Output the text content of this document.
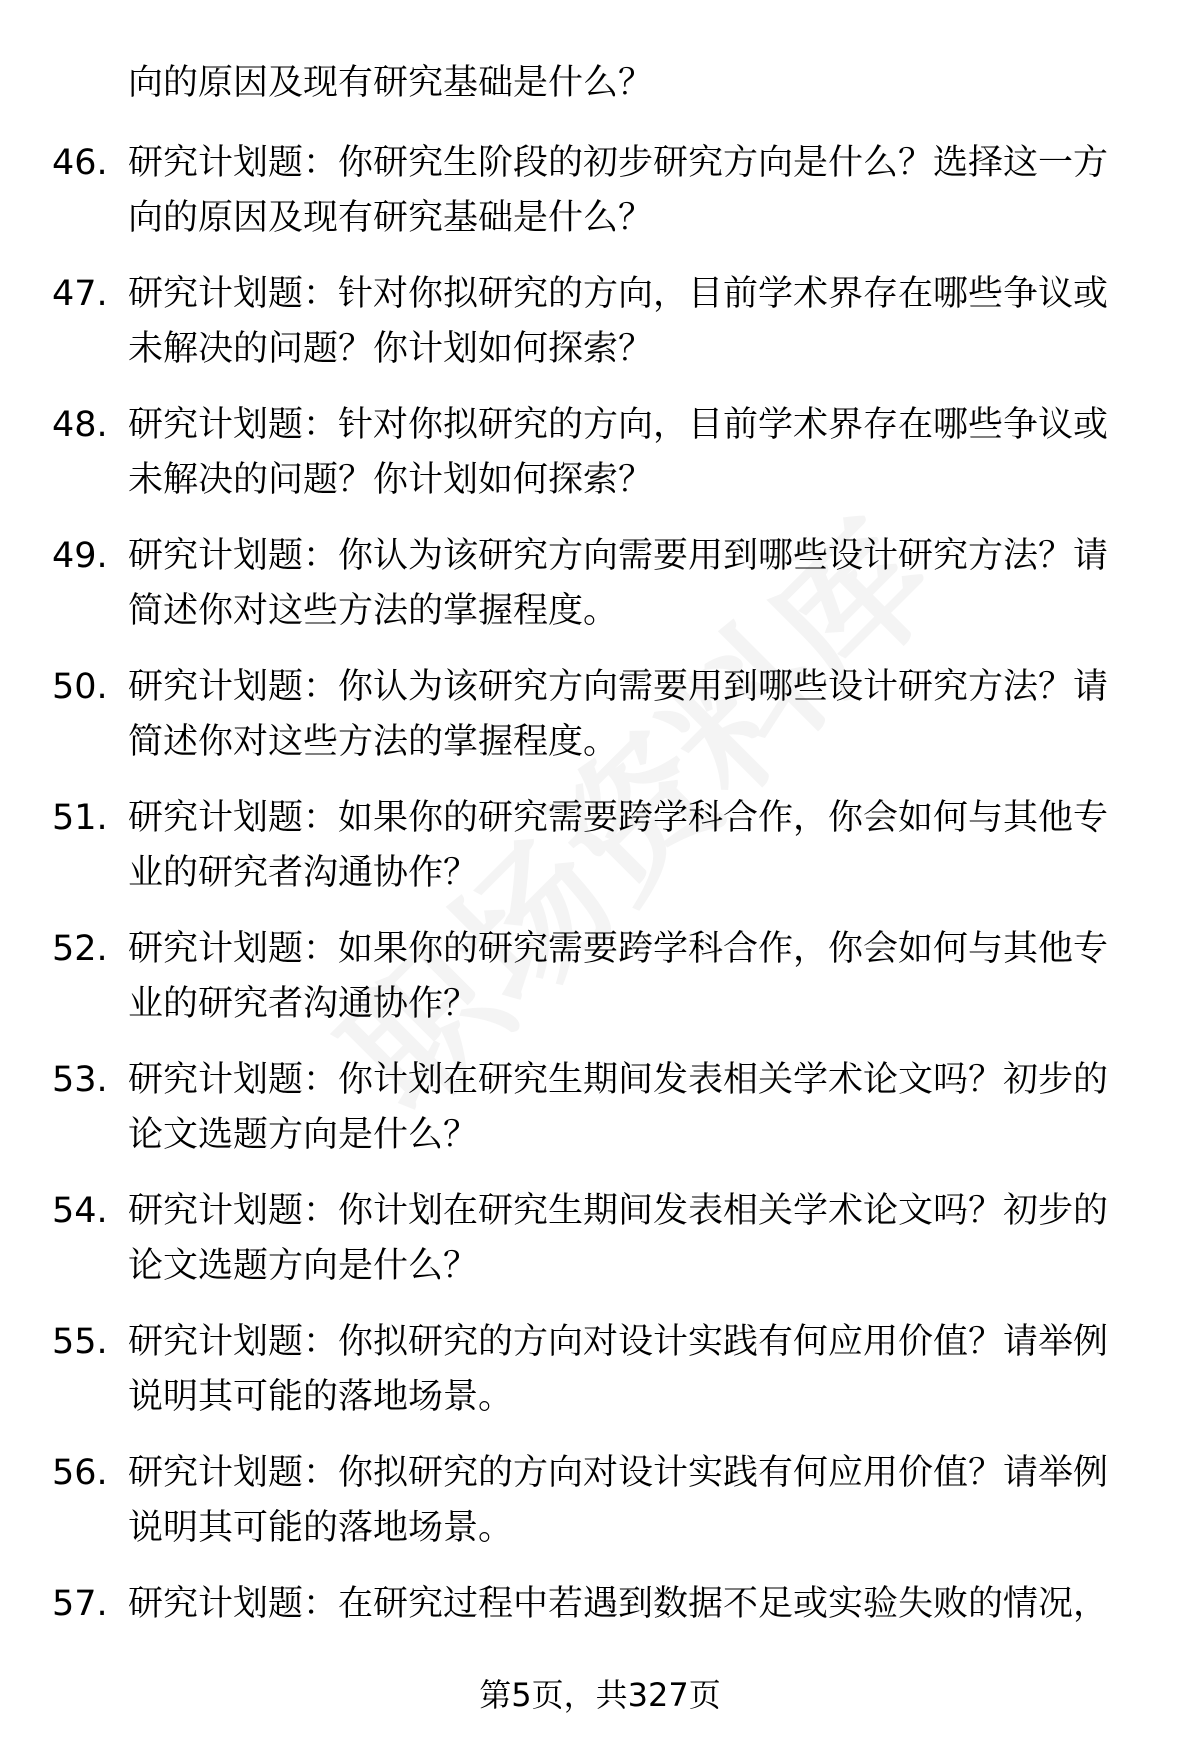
向的原因及现有研究基础是什么？
46. 研究计划题：你研究生阶段的初步研究方向是什么？选择这一方向的原因及现有研究基础是什么？
47. 研究计划题：针对你拟研究的方向，目前学术界存在哪些争议或未解决的问题？你计划如何探索？
48. 研究计划题：针对你拟研究的方向，目前学术界存在哪些争议或未解决的问题？你计划如何探索？
49. 研究计划题：你认为该研究方向需要用到哪些设计研究方法？请简述你对这些方法的掌握程度。
50. 研究计划题：你认为该研究方向需要用到哪些设计研究方法？请简述你对这些方法的掌握程度。
51. 研究计划题：如果你的研究需要跨学科合作，你会如何与其他专业的研究者沟通协作？
52. 研究计划题：如果你的研究需要跨学科合作，你会如何与其他专业的研究者沟通协作？
53. 研究计划题：你计划在研究生期间发表相关学术论文吗？初步的论文选题方向是什么？
54. 研究计划题：你计划在研究生期间发表相关学术论文吗？初步的论文选题方向是什么？
55. 研究计划题：你拟研究的方向对设计实践有何应用价值？请举例说明其可能的落地场景。
56. 研究计划题：你拟研究的方向对设计实践有何应用价值？请举例说明其可能的落地场景。
57. 研究计划题：在研究过程中若遇到数据不足或实验失败的情况，
第5页，共327页
